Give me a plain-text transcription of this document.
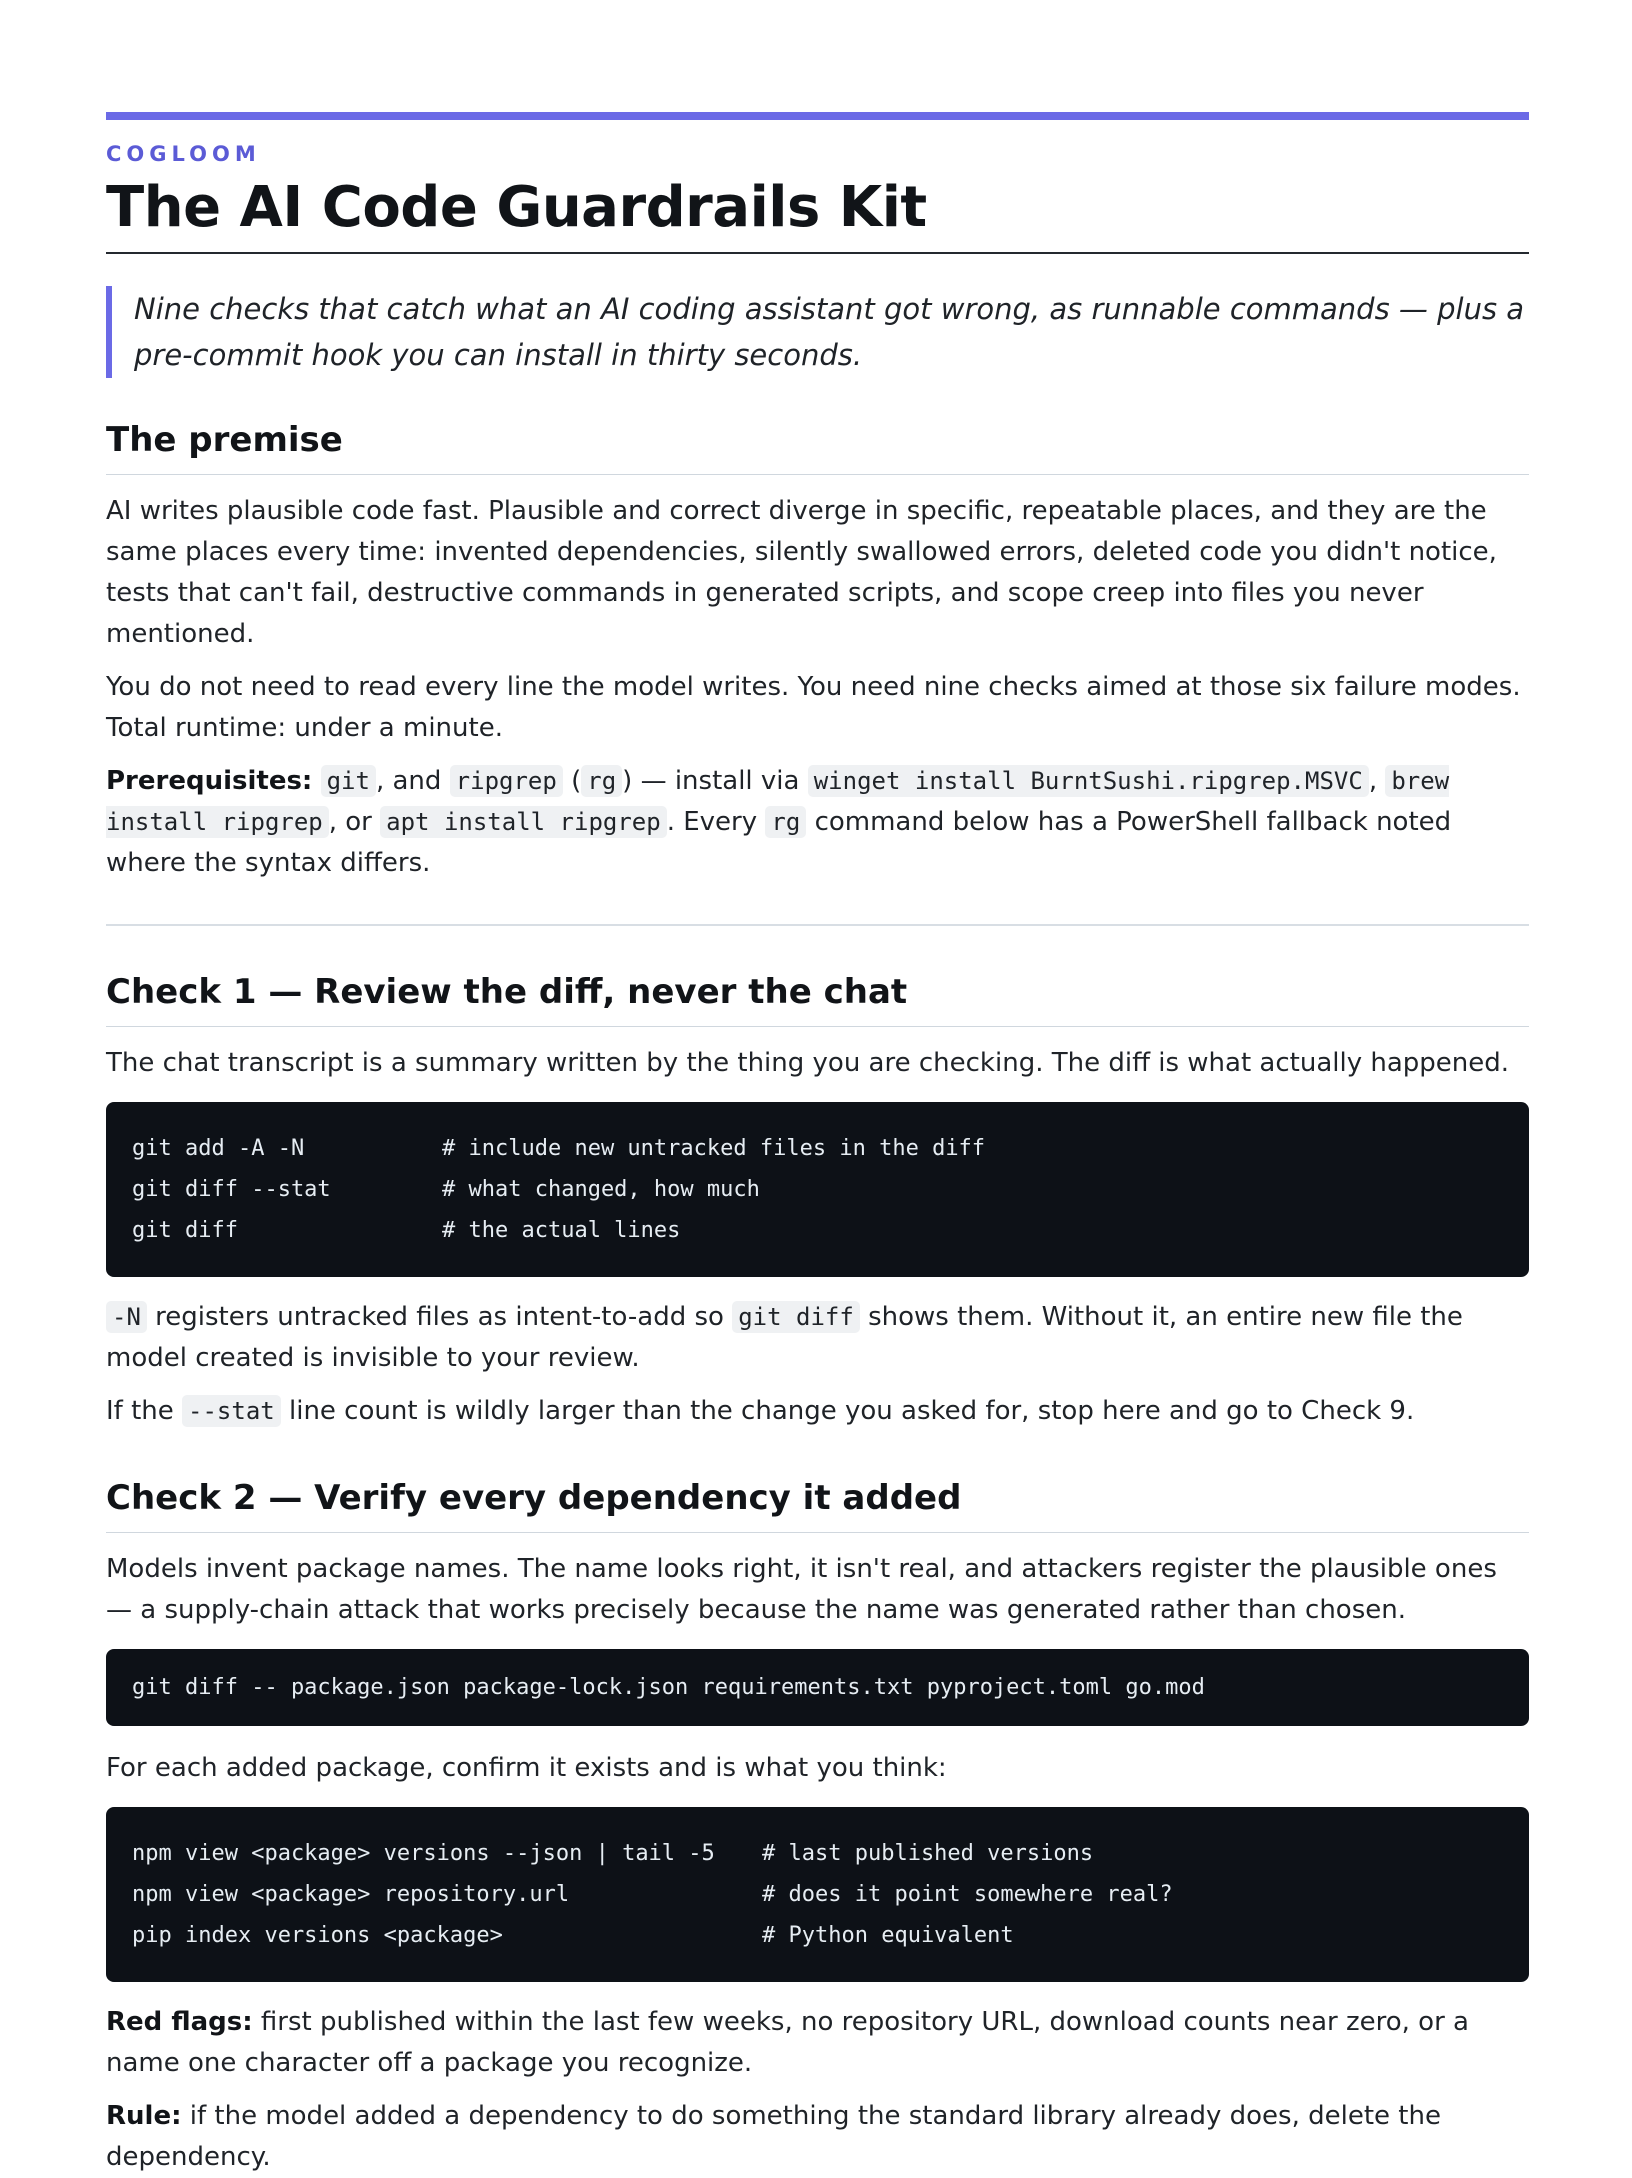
COGLOOM
The AI Code Guardrails Kit
Nine checks that catch what an AI coding assistant got wrong, as runnable commands — plus a pre-commit hook you can install in thirty seconds.
The premise

AI writes plausible code fast. Plausible and correct diverge in specific, repeatable places, and they are the same places every time: invented dependencies, silently swallowed errors, deleted code you didn't notice, tests that can't fail, destructive commands in generated scripts, and scope creep into files you never mentioned.

You do not need to read every line the model writes. You need nine checks aimed at those six failure modes. Total runtime: under a minute.

Prerequisites: git , and ripgrep ( rg ) — install via winget install BurntSushi.ripgrep.MSVC , brew install ripgrep , or apt install ripgrep . Every rg command below has a PowerShell fallback noted where the syntax differs.

Check 1 — Review the diff, never the chat

The chat transcript is a summary written by the thing you are checking. The diff is what actually happened.

git add -A -N	# include new untracked files in the diff
git diff --stat	# what changed, how much
git diff	# the actual lines

-N registers untracked files as intent-to-add so git diff shows them. Without it, an entire new file the model created is invisible to your review.

If the --stat line count is wildly larger than the change you asked for, stop here and go to Check 9.

Check 2 — Verify every dependency it added

Models invent package names. The name looks right, it isn't real, and attackers register the plausible ones — a supply-chain attack that works precisely because the name was generated rather than chosen.

git diff -- package.json package-lock.json requirements.txt pyproject.toml go.mod

For each added package, confirm it exists and is what you think:

npm view <package> versions --json | tail -5 # last published versions
npm view <package> repository.url	# does it point somewhere real?
pip index versions <package>	# Python equivalent

Red flags: first published within the last few weeks, no repository URL, download counts near zero, or a name one character off a package you recognize.

Rule: if the model added a dependency to do something the standard library already does, delete the dependency.
